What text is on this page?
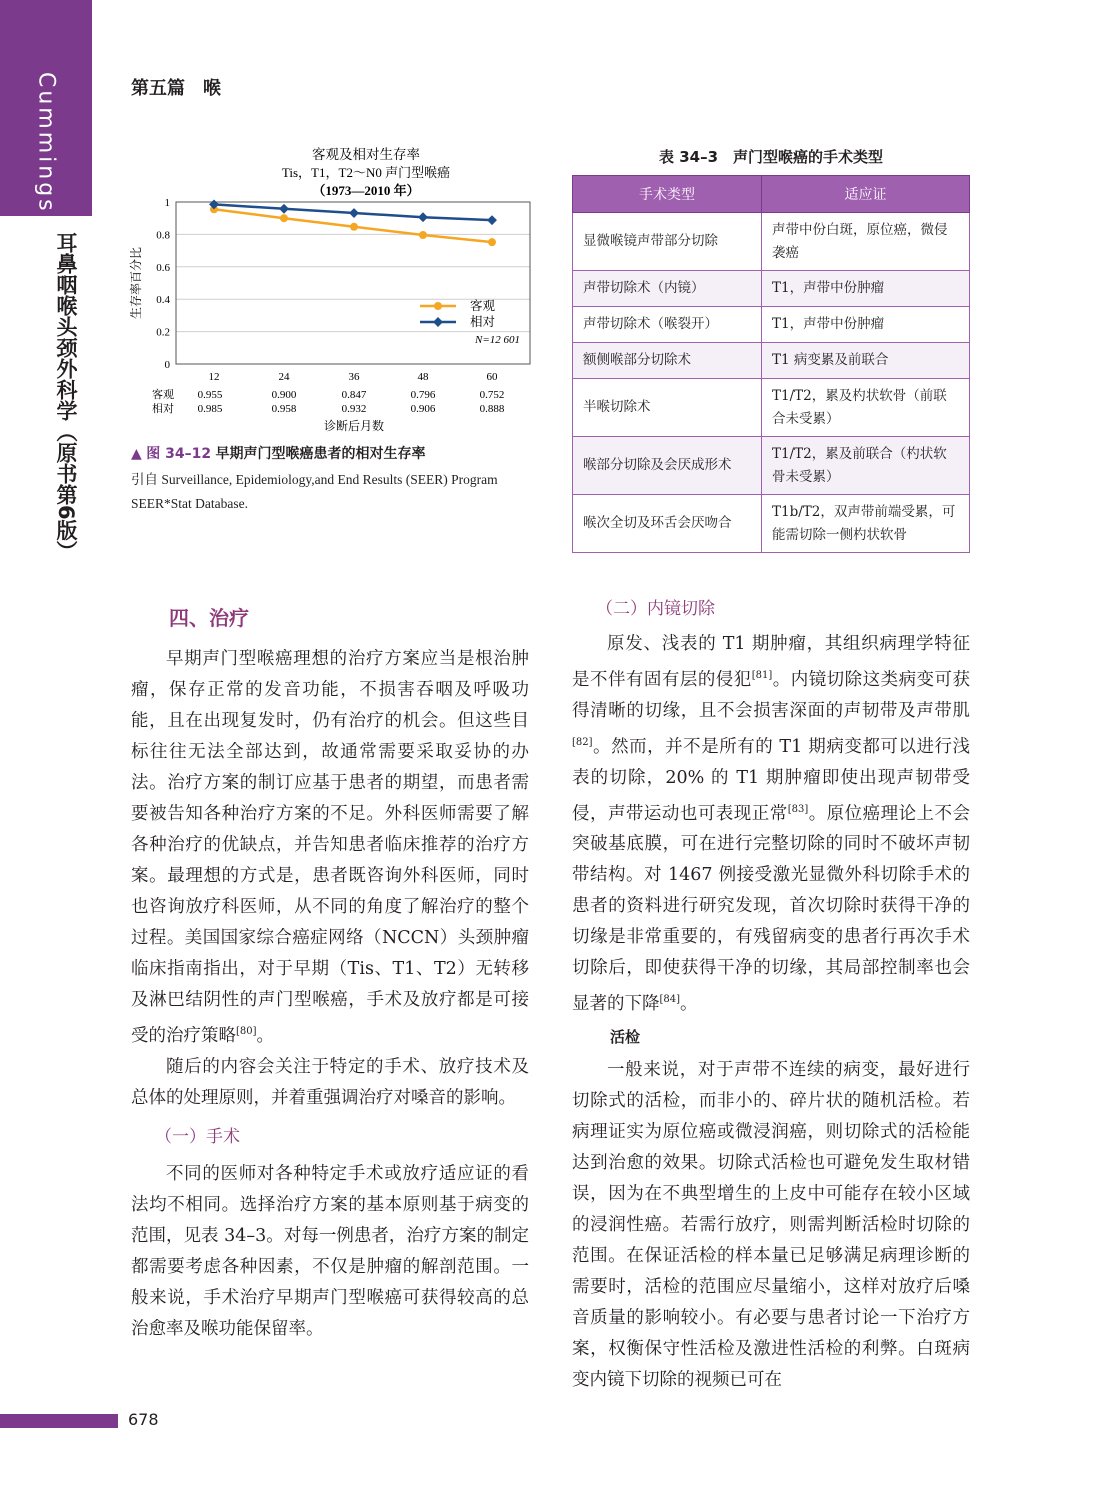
Cummings
耳鼻咽喉头颈外科学（原书第6版）
第五篇　喉
客观及相对生存率
Tis，T1，T2～N0 声门型喉癌
（1973—2010 年）
0
0.2
0.4
0.6
0.8
1
生存率百分比
12	24	36	48	60
客观 0.955	0.900	0.847	0.796	0.752
客观
相对 0.985	0.958	0.932	0.906	0.888
相对
N=12 601
诊断后月数
▲ 图 34–12 早期声门型喉癌患者的相对生存率
引自 Surveillance, Epidemiology,and End Results (SEER) Program SEER*Stat Database.
表 34–3　声门型喉癌的手术类型
手术类型	适应证
显微喉镜声带部分切除	声带中份白斑，原位癌，微侵袭癌
声带切除术（内镜）	T1，声带中份肿瘤
声带切除术（喉裂开）	T1，声带中份肿瘤
额侧喉部分切除术	T1 病变累及前联合
半喉切除术	T1/T2，累及杓状软骨（前联合未受累）
喉部分切除及会厌成形术	T1/T2，累及前联合（杓状软骨未受累）
喉次全切及环舌会厌吻合	T1b/T2，双声带前端受累，可能需切除一侧杓状软骨
四、治疗

早期声门型喉癌理想的治疗方案应当是根治肿瘤，保存正常的发音功能，不损害吞咽及呼吸功能，且在出现复发时，仍有治疗的机会。但这些目标往往无法全部达到，故通常需要采取妥协的办法。治疗方案的制订应基于患者的期望，而患者需要被告知各种治疗方案的不足。外科医师需要了解各种治疗的优缺点，并告知患者临床推荐的治疗方案。最理想的方式是，患者既咨询外科医师，同时也咨询放疗科医师，从不同的角度了解治疗的整个过程。美国国家综合癌症网络（NCCN）头颈肿瘤临床指南指出，对于早期（Tis、T1、T2）无转移及淋巴结阴性的声门型喉癌，手术及放疗都是可接受的治疗策略[80]。

随后的内容会关注于特定的手术、放疗技术及总体的处理原则，并着重强调治疗对嗓音的影响。

（一）手术

不同的医师对各种特定手术或放疗适应证的看法均不相同。选择治疗方案的基本原则基于病变的范围，见表 34–3。对每一例患者，治疗方案的制定都需要考虑各种因素，不仅是肿瘤的解剖范围。一般来说，手术治疗早期声门型喉癌可获得较高的总治愈率及喉功能保留率。

（二）内镜切除

原发、浅表的 T1 期肿瘤，其组织病理学特征是不伴有固有层的侵犯[81]。内镜切除这类病变可获得清晰的切缘，且不会损害深面的声韧带及声带肌[82]。然而，并不是所有的 T1 期病变都可以进行浅表的切除，20% 的 T1 期肿瘤即使出现声韧带受侵，声带运动也可表现正常[83]。原位癌理论上不会突破基底膜，可在进行完整切除的同时不破坏声韧带结构。对 1467 例接受激光显微外科切除手术的患者的资料进行研究发现，首次切除时获得干净的切缘是非常重要的，有残留病变的患者行再次手术切除后，即使获得干净的切缘，其局部控制率也会显著的下降[84]。

活检

一般来说，对于声带不连续的病变，最好进行切除式的活检，而非小的、碎片状的随机活检。若病理证实为原位癌或微浸润癌，则切除式的活检能达到治愈的效果。切除式活检也可避免发生取材错误，因为在不典型增生的上皮中可能存在较小区域的浸润性癌。若需行放疗，则需判断活检时切除的范围。在保证活检的样本量已足够满足病理诊断的需要时，活检的范围应尽量缩小，这样对放疗后嗓音质量的影响较小。有必要与患者讨论一下治疗方案，权衡保守性活检及激进性活检的利弊。白斑病变内镜下切除的视频已可在

678
